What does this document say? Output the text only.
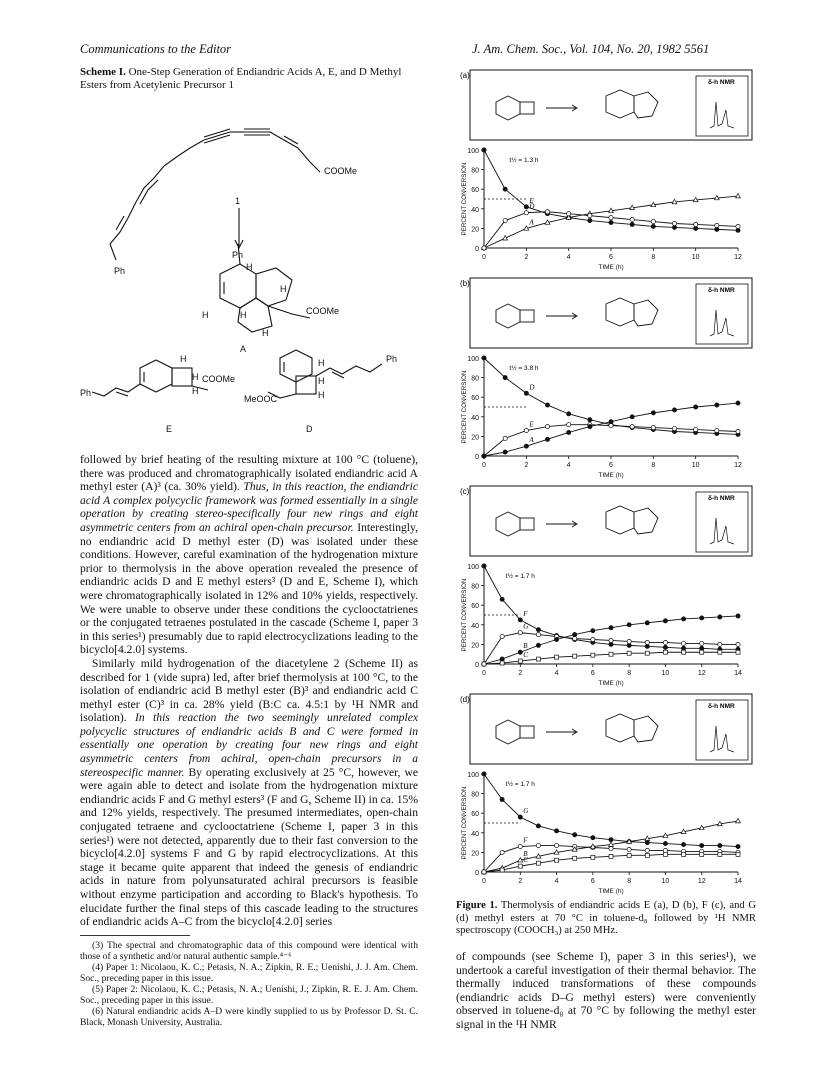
Communications to the Editor	J. Am. Chem. Soc., Vol. 104, No. 20, 1982 5561

Scheme I. One-Step Generation of Endiandric Acids A, E, and D Methyl Esters from Acetylenic Precursor 1

COOMe
Ph
1
Ph
H
H
H	H
H
COOMe
A
Ph
H
H
H
COOMe
E
MeOOC
H
H
H
Ph
D

followed by brief heating of the resulting mixture at 100 °C (toluene), there was produced and chromatographically isolated endiandric acid A methyl ester (A)³ (ca. 30% yield). Thus, in this reaction, the endiandric acid A complex polycyclic framework was formed essentially in a single operation by creating stereo-specifically four new rings and eight asymmetric centers from an achiral open-chain precursor. Interestingly, no endiandric acid D methyl ester (D) was isolated under these conditions. However, careful examination of the hydrogenation mixture prior to thermolysis in the above operation revealed the presence of endiandric acids D and E methyl esters³ (D and E, Scheme I), which were chromatographically isolated in 12% and 10% yields, respectively. We were unable to observe under these conditions the cyclooctatrienes or the conjugated tetraenes postulated in the cascade (Scheme I, paper 3 in this series¹) presumably due to rapid electrocyclizations leading to the bicyclo[4.2.0] systems.

Similarly mild hydrogenation of the diacetylene 2 (Scheme II) as described for 1 (vide supra) led, after brief thermolysis at 100 °C, to the isolation of endiandric acid B methyl ester (B)³ and endiandric acid C methyl ester (C)³ in ca. 28% yield (B:C ca. 4.5:1 by ¹H NMR and isolation). In this reaction the two seemingly unrelated complex polycyclic structures of endiandric acids B and C were formed in essentially one operation by creating four new rings and eight asymmetric centers from achiral, open-chain precursors in a stereospecific manner. By operating exclusively at 25 °C, however, we were again able to detect and isolate from the hydrogenation mixture endiandric acids F and G methyl esters³ (F and G, Scheme II) in ca. 15% and 12% yields, respectively. The presumed intermediates, open-chain conjugated tetraene and cyclooctatriene (Scheme I, paper 3 in this series¹) were not detected, apparently due to their fast conversion to the bicyclo[4.2.0] systems F and G by rapid electrocyclizations. At this stage it became quite apparent that indeed the genesis of endiandric acids in nature from polyunsaturated achiral precursors is feasible without enzyme participation and according to Black's hypothesis. To elucidate further the final steps of this cascade leading to the structures of endiandric acids A–C from the bicyclo[4.2.0] series

(3) The spectral and chromatographic data of this compound were identical with those of a synthetic and/or natural authentic sample.⁴⁻⁶

(4) Paper 1: Nicolaou, K. C.; Petasis, N. A.; Zipkin, R. E.; Uenishi, J. J. Am. Chem. Soc., preceding paper in this issue.

(5) Paper 2: Nicolaou, K. C.; Petasis, N. A.; Uenishi, J.; Zipkin, R. E. J. Am. Chem. Soc., preceding paper in this issue.

(6) Natural endiandric acids A–D were kindly supplied to us by Professor D. St. C. Black, Monash University, Australia.

(a)
δ-h NMR
0
20
40
60
80
100
0	2	4	6	8	10	12
TIME (h)
PERCENT CONVERSION
t½ = 1.3 h
E
A
D
(b)
δ-h NMR
0
20
40
60
80
100
0	2	4	6	8	10	12
TIME (h)
PERCENT CONVERSION
t½ = 3.8 h
D
E
A
(c)
δ-h NMR
0
20
40
60
80
100
0	2	4	6	8	10	12	14
TIME (h)
PERCENT CONVERSION
t½ = 1.7 h
F
G
B
C
(d)
δ-h NMR
0
20
40
60
80
100
0	2	4	6	8	10	12	14
TIME (h)
PERCENT CONVERSION
t½ = 1.7 h
G
F
B
C

Figure 1. Thermolysis of endiandric acids E (a), D (b), F (c), and G (d) methyl esters at 70 °C in toluene-d₈ followed by ¹H NMR spectroscopy (COOCH₃) at 250 MHz.

of compounds (see Scheme I), paper 3 in this series¹), we undertook a careful investigation of their thermal behavior. The thermally induced transformations of these compounds (endiandric acids D–G methyl esters) were conveniently observed in toluene-d₈ at 70 °C by following the methyl ester signal in the ¹H NMR
